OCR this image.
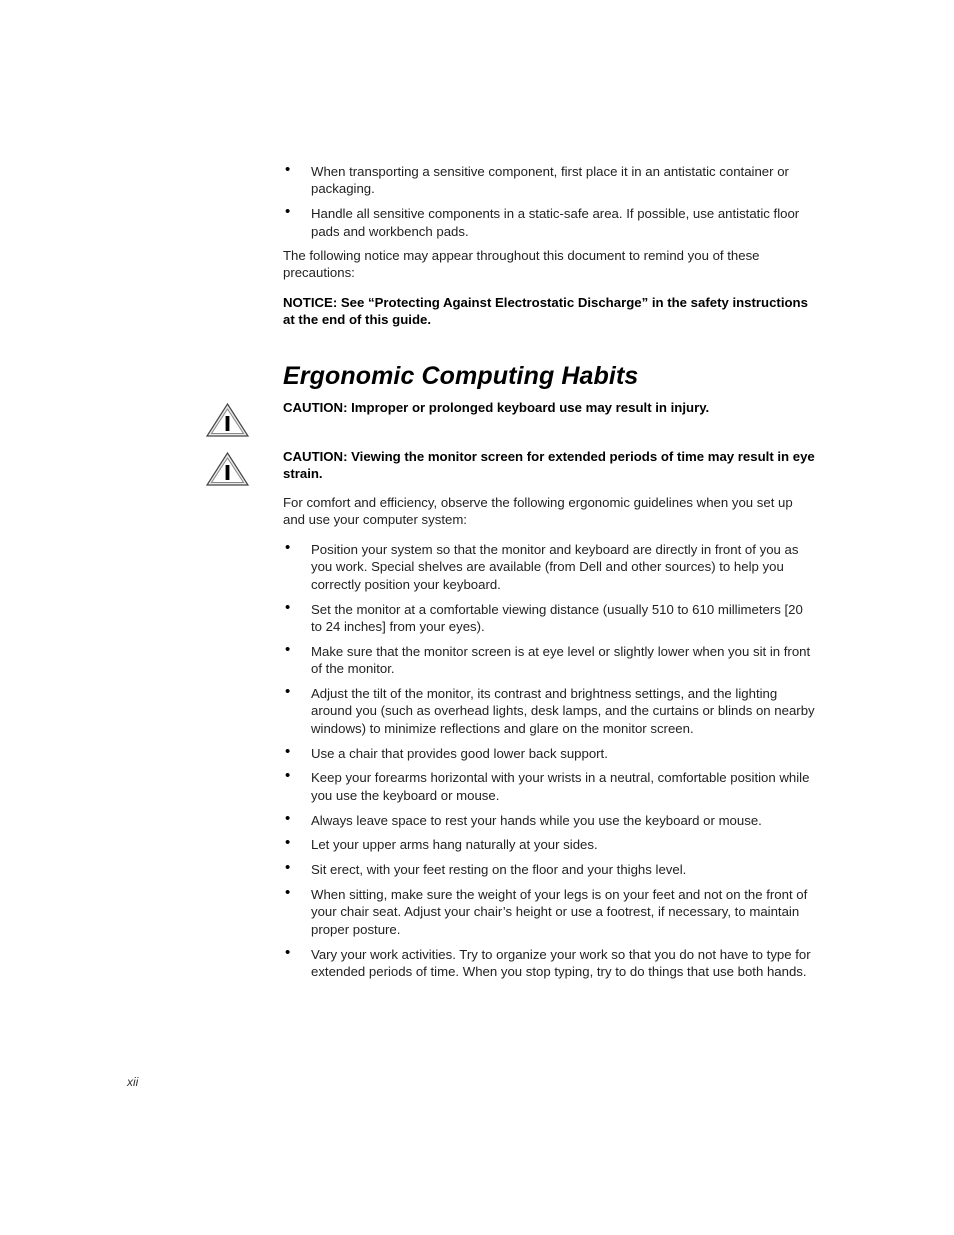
• When transporting a sensitive component, first place it in an antistatic container or packaging.
• Handle all sensitive components in a static-safe area. If possible, use antistatic floor pads and workbench pads.

The following notice may appear throughout this document to remind you of these precautions:

NOTICE: See “Protecting Against Electrostatic Discharge” in the safety instructions at the end of this guide.

Ergonomic Computing Habits

CAUTION: Improper or prolonged keyboard use may result in injury.

CAUTION: Viewing the monitor screen for extended periods of time may result in eye strain.

For comfort and efficiency, observe the following ergonomic guidelines when you set up and use your computer system:

• Position your system so that the monitor and keyboard are directly in front of you as you work. Special shelves are available (from Dell and other sources) to help you correctly position your keyboard.
• Set the monitor at a comfortable viewing distance (usually 510 to 610 millimeters [20 to 24 inches] from your eyes).
• Make sure that the monitor screen is at eye level or slightly lower when you sit in front of the monitor.
• Adjust the tilt of the monitor, its contrast and brightness settings, and the lighting around you (such as overhead lights, desk lamps, and the curtains or blinds on nearby windows) to minimize reflections and glare on the monitor screen.
• Use a chair that provides good lower back support.
• Keep your forearms horizontal with your wrists in a neutral, comfortable position while you use the keyboard or mouse.
• Always leave space to rest your hands while you use the keyboard or mouse.
• Let your upper arms hang naturally at your sides.
• Sit erect, with your feet resting on the floor and your thighs level.
• When sitting, make sure the weight of your legs is on your feet and not on the front of your chair seat. Adjust your chair’s height or use a footrest, if necessary, to maintain proper posture.
• Vary your work activities. Try to organize your work so that you do not have to type for extended periods of time. When you stop typing, try to do things that use both hands.
xii
